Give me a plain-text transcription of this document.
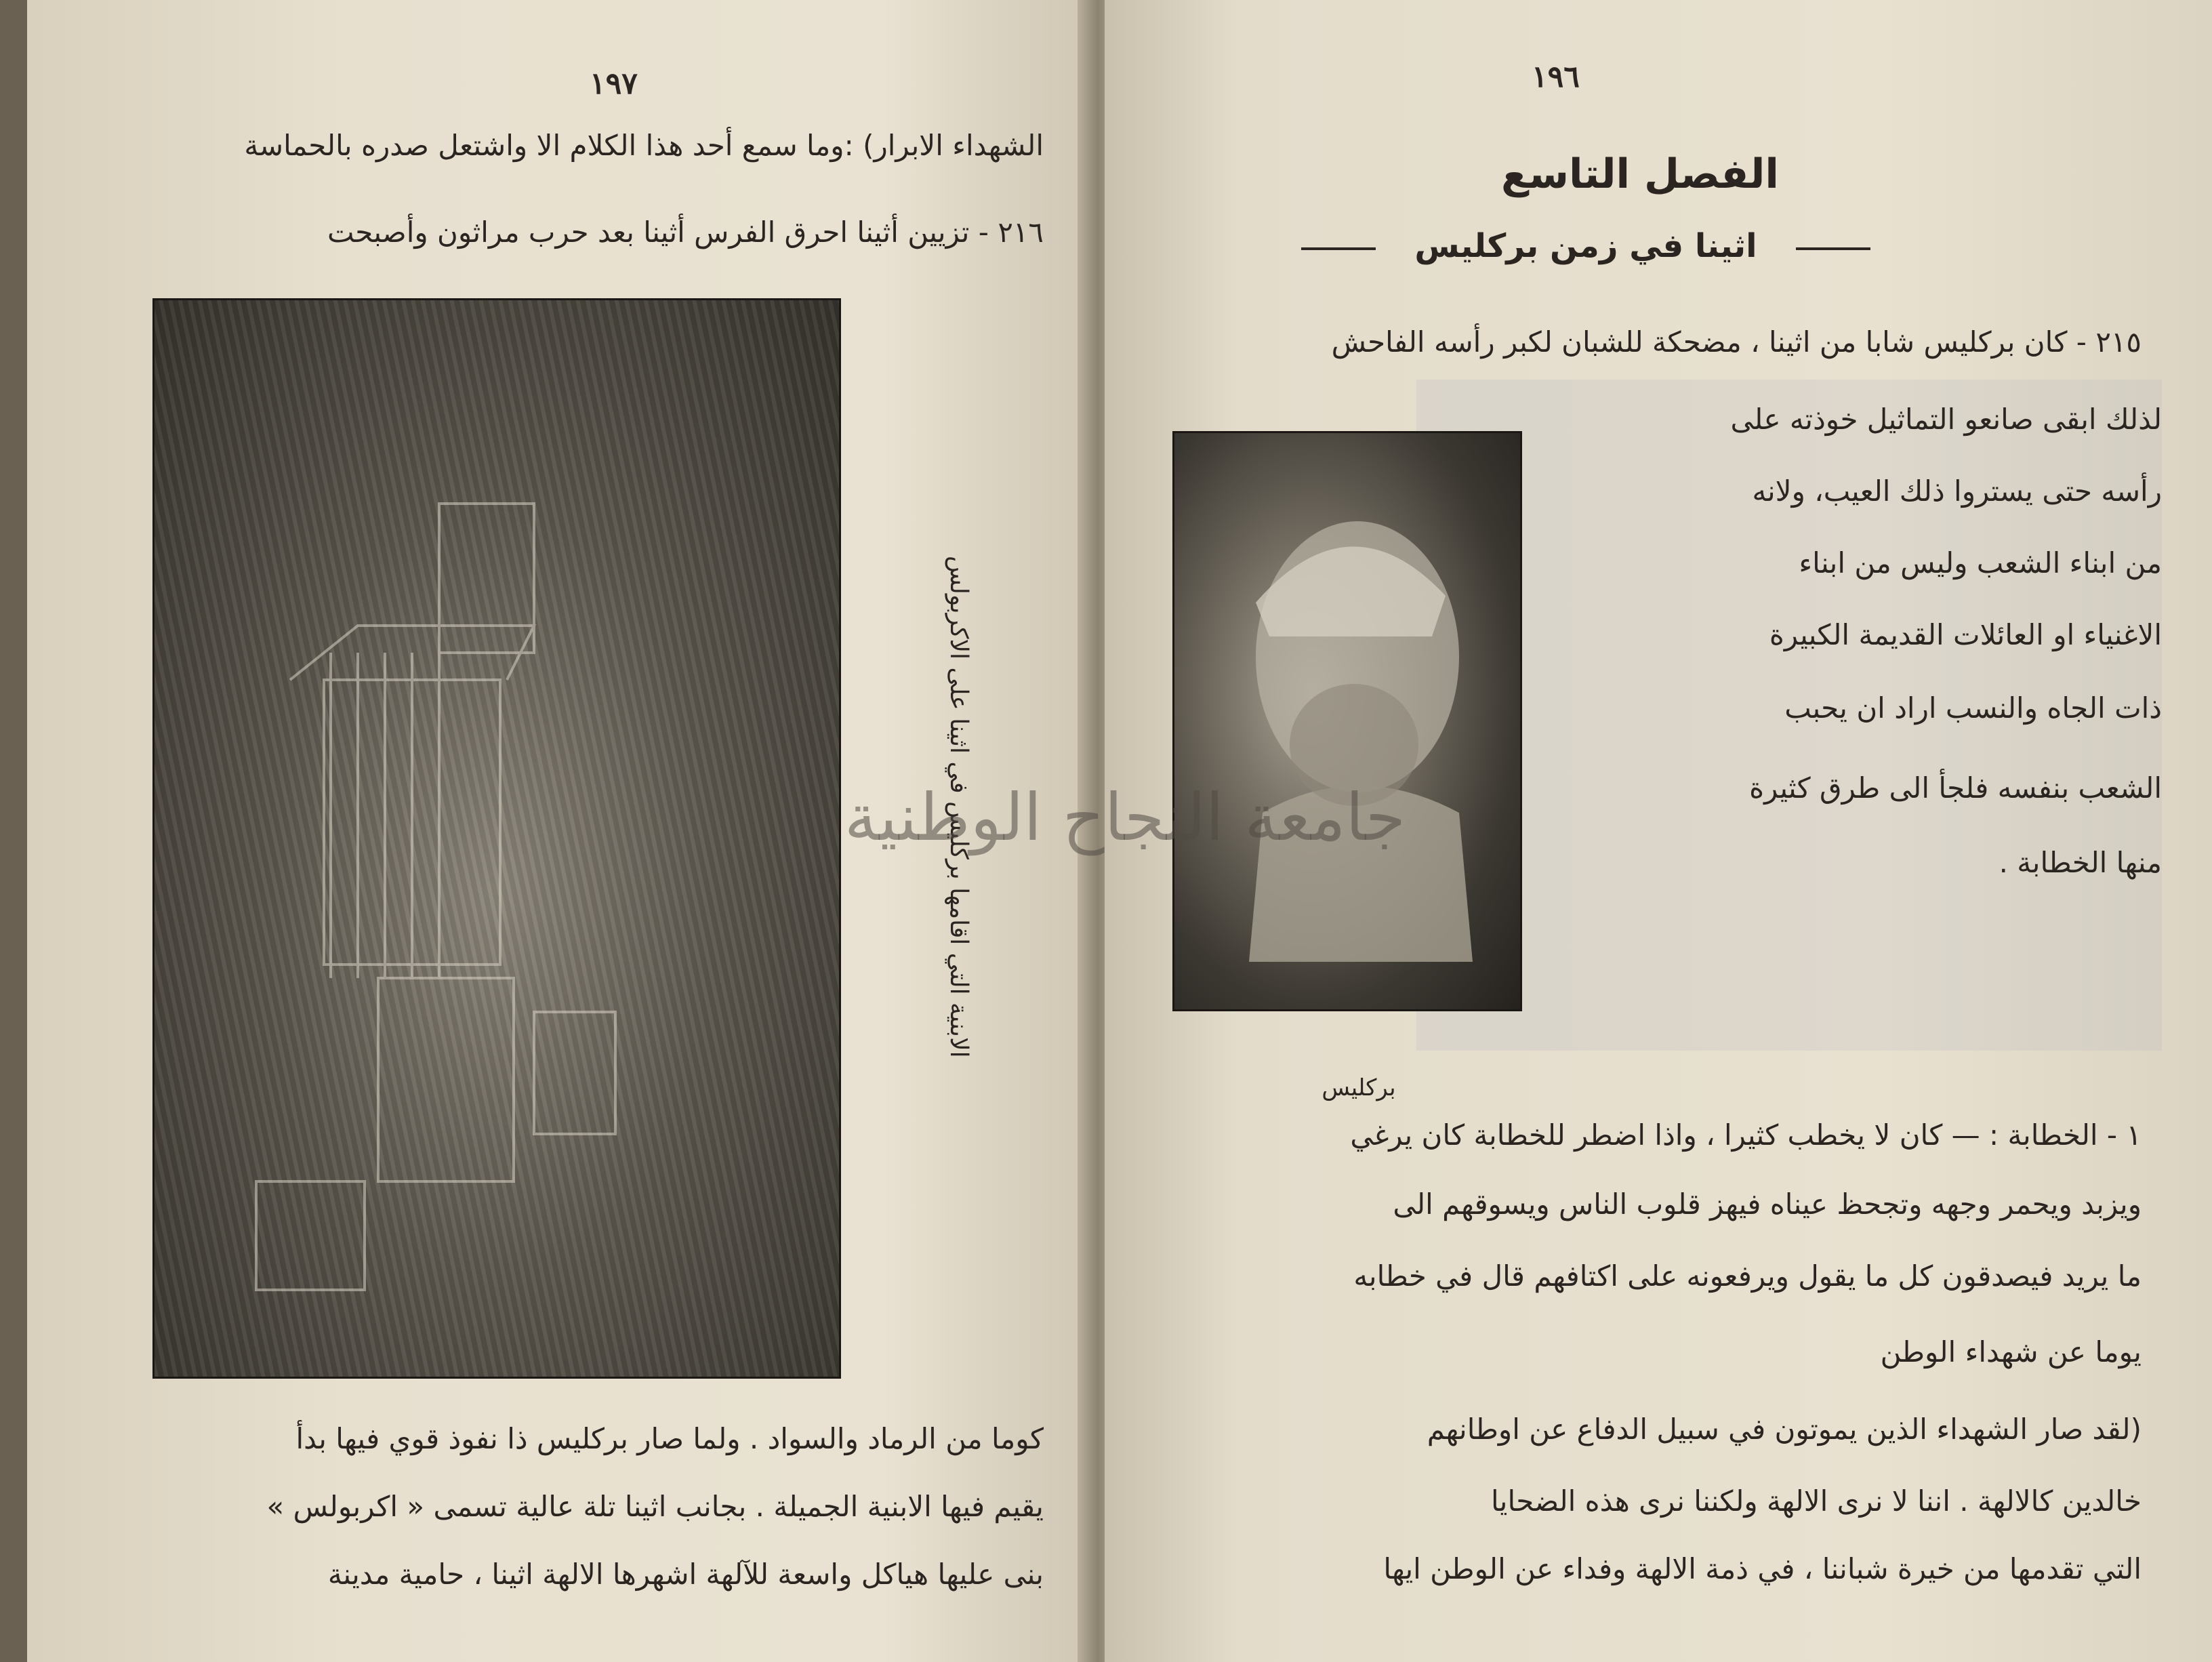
١٩٧
الشهداء الابرار) :وما سمع أحد هذا الكلام الا واشتعل صدره بالحماسة
٢١٦ - تزيين أثينا احرق الفرس أثينا بعد حرب مراثون وأصبحت
الابنية التي اقامها بركليس في اثينا على الاكربولس
كوما من الرماد والسواد . ولما صار بركليس ذا نفوذ قوي فيها بدأ
يقيم فيها الابنية الجميلة . بجانب اثينا تلة عالية تسمى « اكربولس »
بنى عليها هياكل واسعة للآلهة اشهرها الالهة اثينا ، حامية مدينة
١٩٦
الفصل التاسع
اثينا في زمن بركليس
٢١٥ - كان بركليس شابا من اثينا ، مضحكة للشبان لكبر رأسه الفاحش
لذلك ابقى صانعو التماثيل خوذته على
رأسه حتى يستروا ذلك العيب، ولانه
من ابناء الشعب وليس من ابناء
الاغنياء او العائلات القديمة الكبيرة
ذات الجاه والنسب اراد ان يحبب
الشعب بنفسه فلجأ الى طرق كثيرة
منها الخطابة .
بركليس
١ - الخطابة : — كان لا يخطب كثيرا ، واذا اضطر للخطابة كان يرغي
ويزبد ويحمر وجهه وتجحظ عيناه فيهز قلوب الناس ويسوقهم الى
ما يريد فيصدقون كل ما يقول ويرفعونه على اكتافهم قال في خطابه
يوما عن شهداء الوطن
(لقد صار الشهداء الذين يموتون في سبيل الدفاع عن اوطانهم
خالدين كالالهة . اننا لا نرى الالهة ولكننا نرى هذه الضحايا
التي تقدمها من خيرة شباننا ، في ذمة الالهة وفداء عن الوطن ايها
جامعة النجاح الوطنية
